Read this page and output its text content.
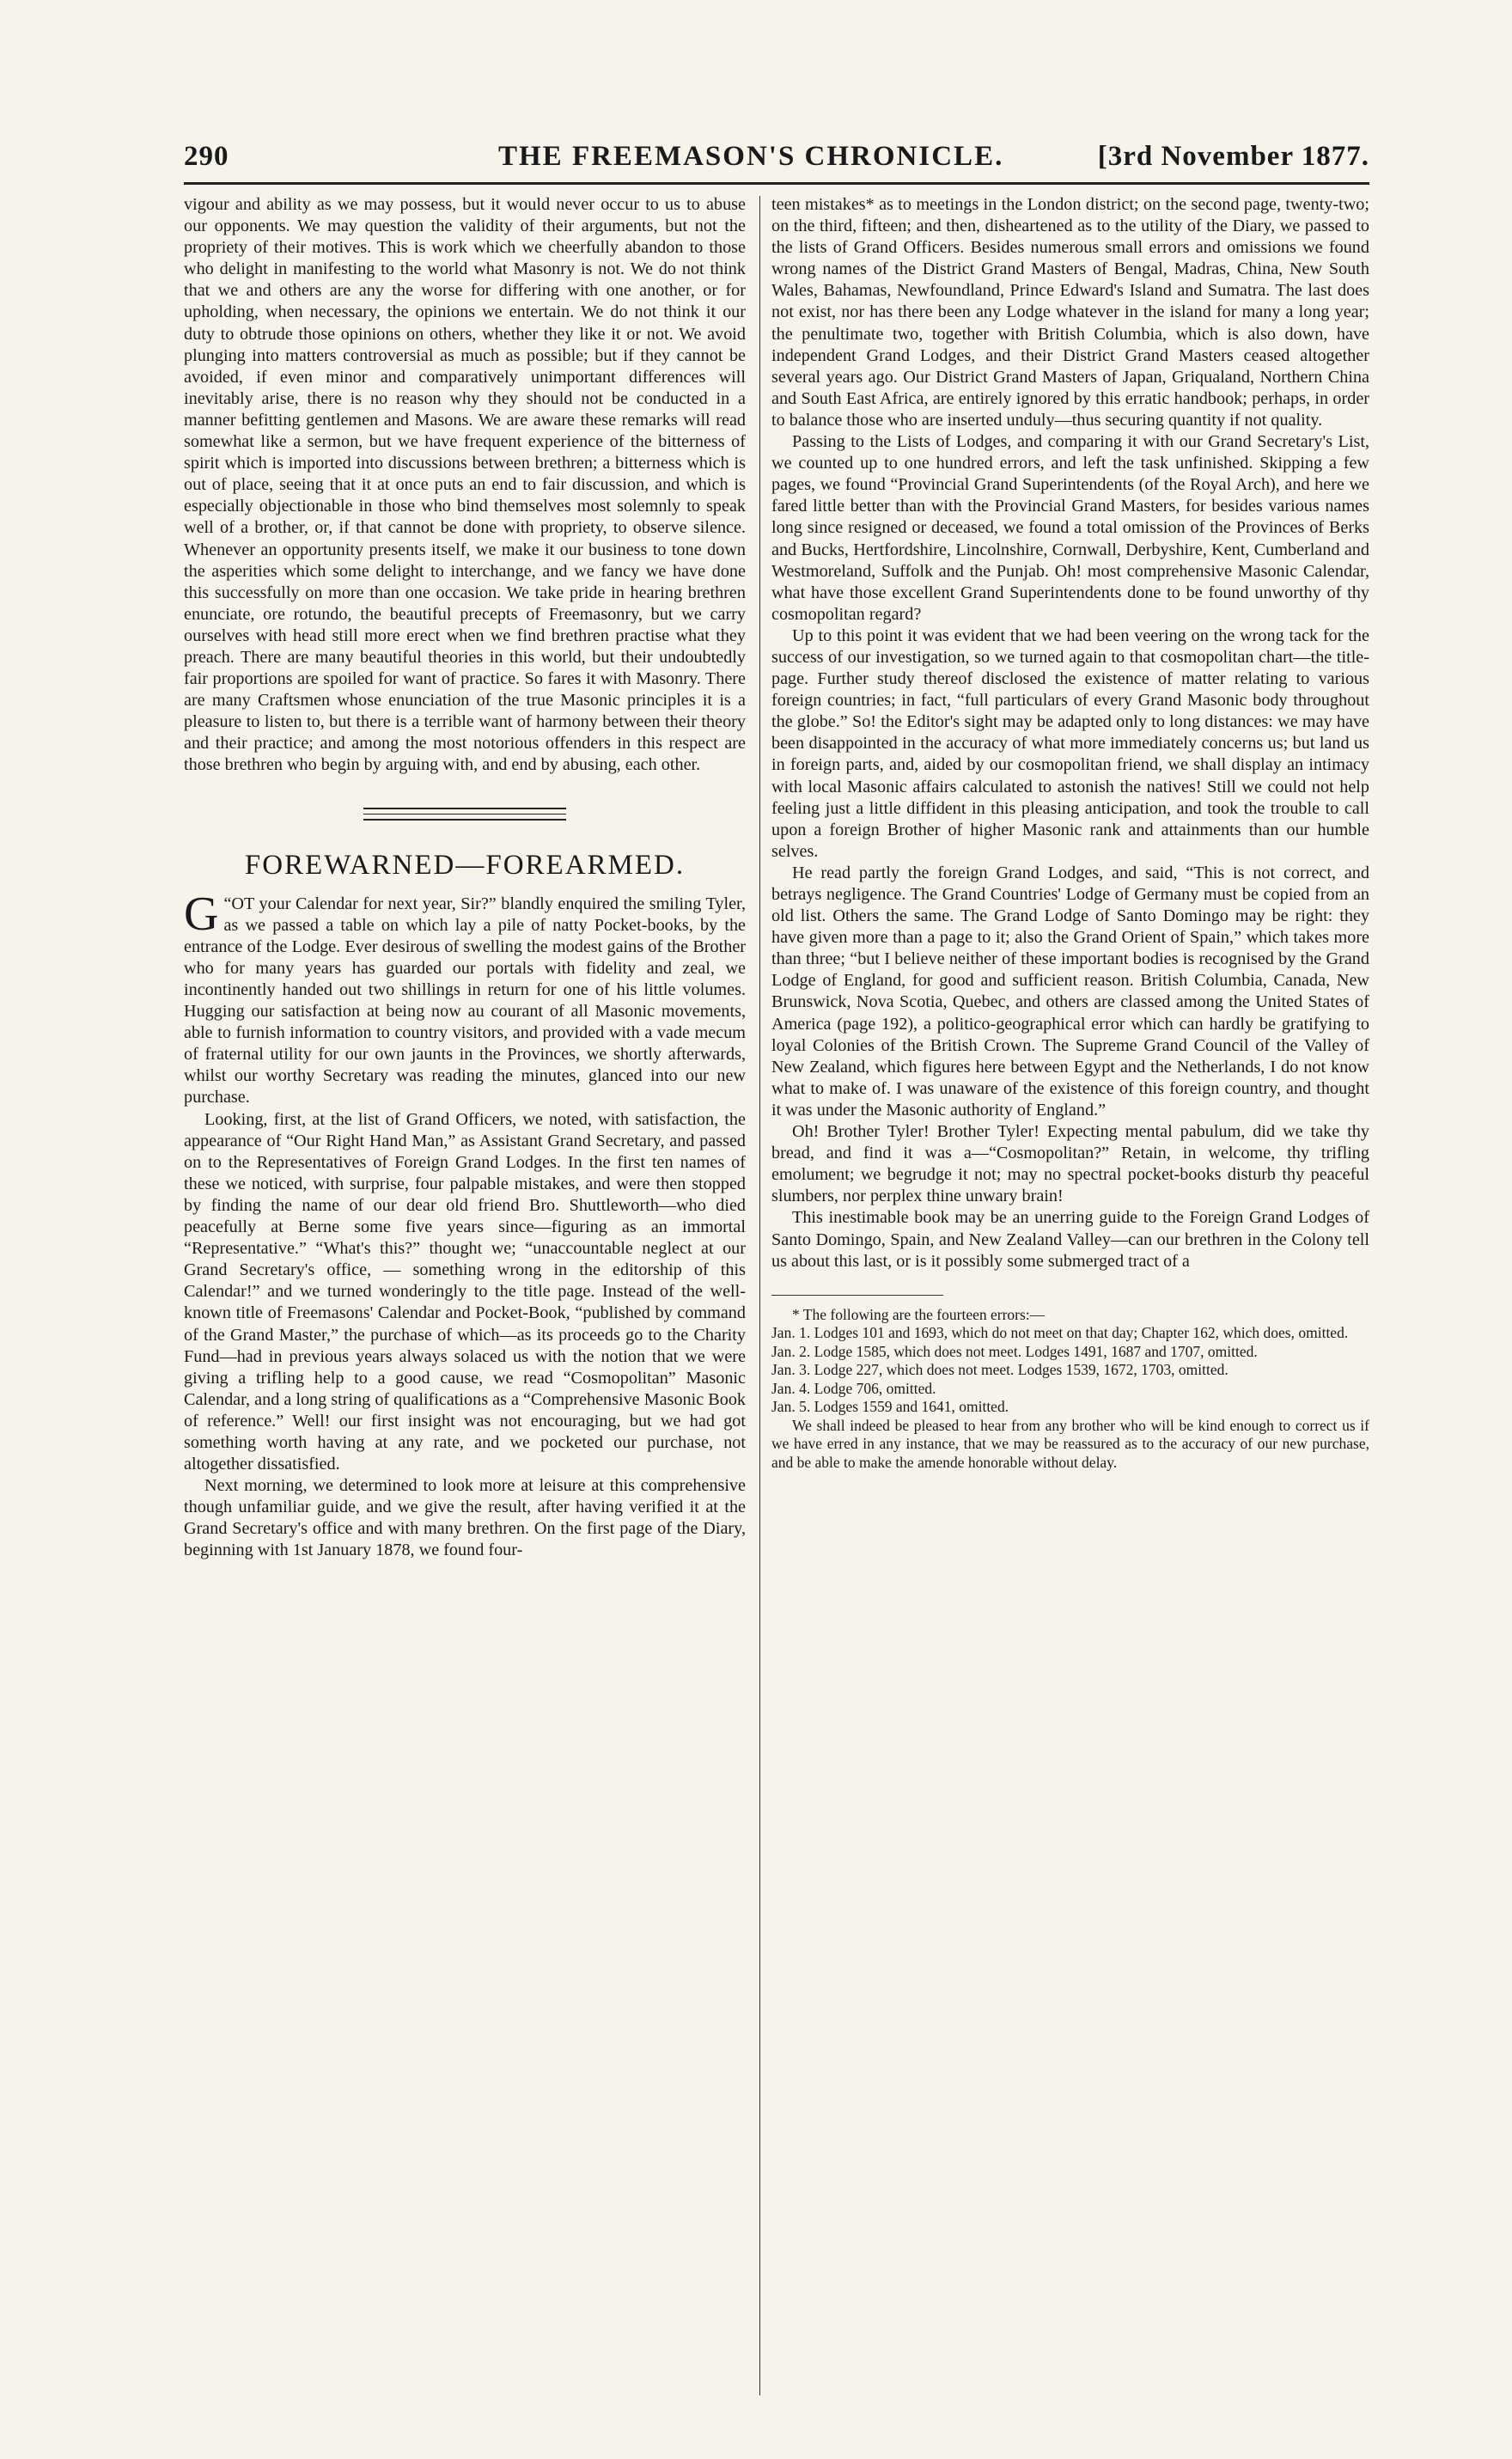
290	THE FREEMASON'S CHRONICLE.	[3rd November 1877.

vigour and ability as we may possess, but it would never occur to us to abuse our opponents. We may question the validity of their arguments, but not the propriety of their motives. This is work which we cheerfully abandon to those who delight in manifesting to the world what Masonry is not. We do not think that we and others are any the worse for differing with one another, or for upholding, when necessary, the opinions we entertain. We do not think it our duty to obtrude those opinions on others, whether they like it or not. We avoid plunging into matters controversial as much as possible; but if they cannot be avoided, if even minor and comparatively unimportant differences will inevitably arise, there is no reason why they should not be conducted in a manner befitting gentlemen and Masons. We are aware these remarks will read somewhat like a sermon, but we have frequent experience of the bitterness of spirit which is imported into discussions between brethren; a bitterness which is out of place, seeing that it at once puts an end to fair discussion, and which is especially objectionable in those who bind themselves most solemnly to speak well of a brother, or, if that cannot be done with propriety, to observe silence. Whenever an opportunity presents itself, we make it our business to tone down the asperities which some delight to interchange, and we fancy we have done this successfully on more than one occasion. We take pride in hearing brethren enunciate, ore rotundo, the beautiful precepts of Freemasonry, but we carry ourselves with head still more erect when we find brethren practise what they preach. There are many beautiful theories in this world, but their undoubtedly fair proportions are spoiled for want of practice. So fares it with Masonry. There are many Craftsmen whose enunciation of the true Masonic principles it is a pleasure to listen to, but there is a terrible want of harmony between their theory and their practice; and among the most notorious offenders in this respect are those brethren who begin by arguing with, and end by abusing, each other.

FOREWARNED—FOREARMED.

“
G OT your Calendar for next year, Sir?” blandly enquired the smiling Tyler, as we passed a table on which lay a pile of natty Pocket-books, by the entrance of the Lodge. Ever desirous of swelling the modest gains of the Brother who for many years has guarded our portals with fidelity and zeal, we incontinently handed out two shillings in return for one of his little volumes. Hugging our satisfaction at being now au courant of all Masonic movements, able to furnish information to country visitors, and provided with a vade mecum of fraternal utility for our own jaunts in the Provinces, we shortly afterwards, whilst our worthy Secretary was reading the minutes, glanced into our new purchase.

Looking, first, at the list of Grand Officers, we noted, with satisfaction, the appearance of “Our Right Hand Man,” as Assistant Grand Secretary, and passed on to the Representatives of Foreign Grand Lodges. In the first ten names of these we noticed, with surprise, four palpable mistakes, and were then stopped by finding the name of our dear old friend Bro. Shuttleworth—who died peacefully at Berne some five years since—figuring as an immortal “Representative.” “What's this?” thought we; “unaccountable neglect at our Grand Secretary's office, — something wrong in the editorship of this Calendar!” and we turned wonderingly to the title page. Instead of the well-known title of Freemasons' Calendar and Pocket-Book, “published by command of the Grand Master,” the purchase of which—as its proceeds go to the Charity Fund—had in previous years always solaced us with the notion that we were giving a trifling help to a good cause, we read “Cosmopolitan” Masonic Calendar, and a long string of qualifications as a “Comprehensive Masonic Book of reference.” Well! our first insight was not encouraging, but we had got something worth having at any rate, and we pocketed our purchase, not altogether dissatisfied.

Next morning, we determined to look more at leisure at this comprehensive though unfamiliar guide, and we give the result, after having verified it at the Grand Secretary's office and with many brethren. On the first page of the Diary, beginning with 1st January 1878, we found four-

teen mistakes* as to meetings in the London district; on the second page, twenty-two; on the third, fifteen; and then, disheartened as to the utility of the Diary, we passed to the lists of Grand Officers. Besides numerous small errors and omissions we found wrong names of the District Grand Masters of Bengal, Madras, China, New South Wales, Bahamas, Newfoundland, Prince Edward's Island and Sumatra. The last does not exist, nor has there been any Lodge whatever in the island for many a long year; the penultimate two, together with British Columbia, which is also down, have independent Grand Lodges, and their District Grand Masters ceased altogether several years ago. Our District Grand Masters of Japan, Griqualand, Northern China and South East Africa, are entirely ignored by this erratic handbook; perhaps, in order to balance those who are inserted unduly—thus securing quantity if not quality.

Passing to the Lists of Lodges, and comparing it with our Grand Secretary's List, we counted up to one hundred errors, and left the task unfinished. Skipping a few pages, we found “Provincial Grand Superintendents (of the Royal Arch), and here we fared little better than with the Provincial Grand Masters, for besides various names long since resigned or deceased, we found a total omission of the Provinces of Berks and Bucks, Hertfordshire, Lincolnshire, Cornwall, Derbyshire, Kent, Cumberland and Westmoreland, Suffolk and the Punjab. Oh! most comprehensive Masonic Calendar, what have those excellent Grand Superintendents done to be found unworthy of thy cosmopolitan regard?

Up to this point it was evident that we had been veering on the wrong tack for the success of our investigation, so we turned again to that cosmopolitan chart—the title-page. Further study thereof disclosed the existence of matter relating to various foreign countries; in fact, “full particulars of every Grand Masonic body throughout the globe.” So! the Editor's sight may be adapted only to long distances: we may have been disappointed in the accuracy of what more immediately concerns us; but land us in foreign parts, and, aided by our cosmopolitan friend, we shall display an intimacy with local Masonic affairs calculated to astonish the natives! Still we could not help feeling just a little diffident in this pleasing anticipation, and took the trouble to call upon a foreign Brother of higher Masonic rank and attainments than our humble selves.

He read partly the foreign Grand Lodges, and said, “This is not correct, and betrays negligence. The Grand Countries' Lodge of Germany must be copied from an old list. Others the same. The Grand Lodge of Santo Domingo may be right: they have given more than a page to it; also the Grand Orient of Spain,” which takes more than three; “but I believe neither of these important bodies is recognised by the Grand Lodge of England, for good and sufficient reason. British Columbia, Canada, New Brunswick, Nova Scotia, Quebec, and others are classed among the United States of America (page 192), a politico-geographical error which can hardly be gratifying to loyal Colonies of the British Crown. The Supreme Grand Council of the Valley of New Zealand, which figures here between Egypt and the Netherlands, I do not know what to make of. I was unaware of the existence of this foreign country, and thought it was under the Masonic authority of England.”

Oh! Brother Tyler! Brother Tyler! Expecting mental pabulum, did we take thy bread, and find it was a—“Cosmopolitan?” Retain, in welcome, thy trifling emolument; we begrudge it not; may no spectral pocket-books disturb thy peaceful slumbers, nor perplex thine unwary brain!

This inestimable book may be an unerring guide to the Foreign Grand Lodges of Santo Domingo, Spain, and New Zealand Valley—can our brethren in the Colony tell us about this last, or is it possibly some submerged tract of a

* The following are the fourteen errors:—
Jan. 1. Lodges 101 and 1693, which do not meet on that day; Chapter 162, which does, omitted.
Jan. 2. Lodge 1585, which does not meet. Lodges 1491, 1687 and 1707, omitted.
Jan. 3. Lodge 227, which does not meet. Lodges 1539, 1672, 1703, omitted.
Jan. 4. Lodge 706, omitted.
Jan. 5. Lodges 1559 and 1641, omitted.
We shall indeed be pleased to hear from any brother who will be kind enough to correct us if we have erred in any instance, that we may be reassured as to the accuracy of our new purchase, and be able to make the amende honorable without delay.
